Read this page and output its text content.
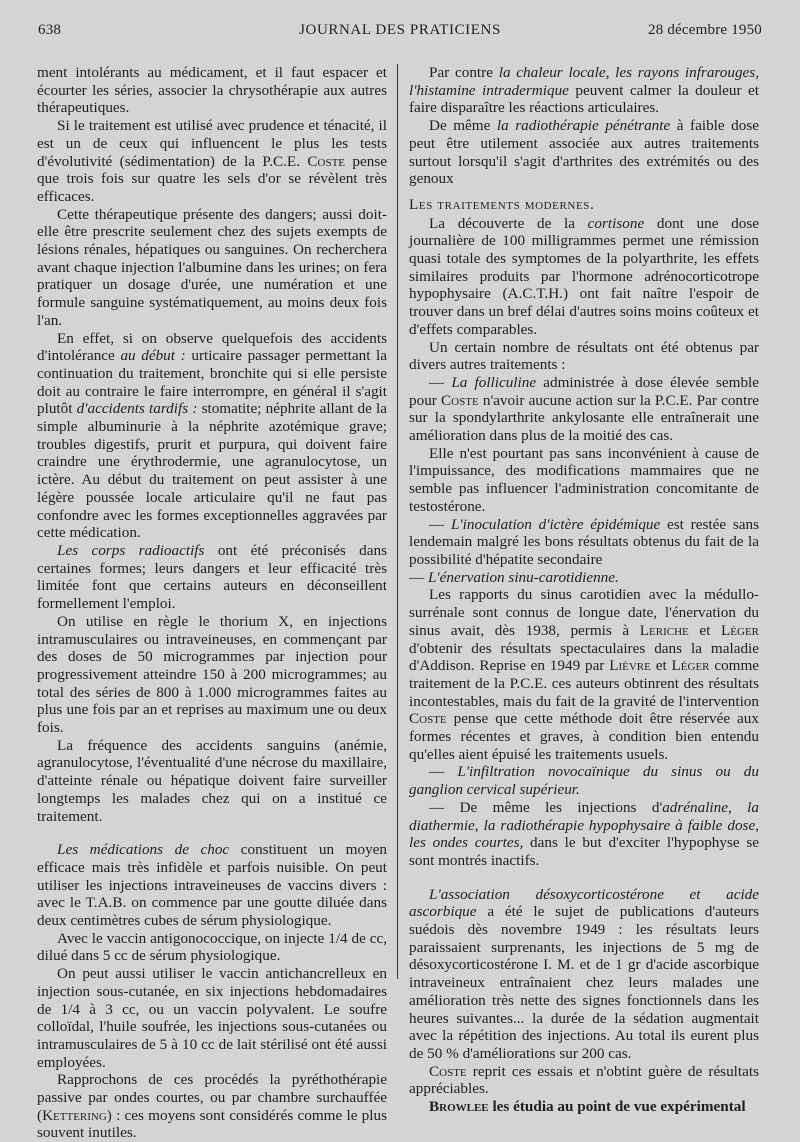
638	JOURNAL DES PRATICIENS	28 décembre 1950

ment intolérants au médicament, et il faut espacer et écourter les séries, associer la chrysothérapie aux autres thérapeutiques.

Si le traitement est utilisé avec prudence et ténacité, il est un de ceux qui influencent le plus les tests d'évolutivité (sédimentation) de la P.C.E. Coste pense que trois fois sur quatre les sels d'or se révèlent très efficaces.

Cette thérapeutique présente des dangers; aussi doit-elle être prescrite seulement chez des sujets exempts de lésions rénales, hépatiques ou sanguines. On recherchera avant chaque injection l'albumine dans les urines; on fera pratiquer un dosage d'urée, une numération et une formule sanguine systématiquement, au moins deux fois l'an.

En effet, si on observe quelquefois des accidents d'intolérance au début : urticaire passager permettant la continuation du traitement, bronchite qui si elle persiste doit au contraire le faire interrompre, en général il s'agit plutôt d'accidents tardifs : stomatite; néphrite allant de la simple albuminurie à la néphrite azotémique grave; troubles digestifs, prurit et purpura, qui doivent faire craindre une érythrodermie, une agranulocytose, un ictère. Au début du traitement on peut assister à une légère poussée locale articulaire qu'il ne faut pas confondre avec les formes exceptionnelles aggravées par cette médication.

Les corps radioactifs ont été préconisés dans certaines formes; leurs dangers et leur efficacité très limitée font que certains auteurs en déconseillent formellement l'emploi.

On utilise en règle le thorium X, en injections intramusculaires ou intraveineuses, en commençant par des doses de 50 microgrammes par injection pour progressivement atteindre 150 à 200 microgrammes; au total des séries de 800 à 1.000 microgrammes faites au plus une fois par an et reprises au maximum une ou deux fois.

La fréquence des accidents sanguins (anémie, agranulocytose, l'éventualité d'une nécrose du maxillaire, d'atteinte rénale ou hépatique doivent faire surveiller longtemps les malades chez qui on a institué ce traitement.

Les médications de choc constituent un moyen efficace mais très infidèle et parfois nuisible. On peut utiliser les injections intraveineuses de vaccins divers : avec le T.A.B. on commence par une goutte diluée dans deux centimètres cubes de sérum physiologique.

Avec le vaccin antigonococcique, on injecte 1/4 de cc, dilué dans 5 cc de sérum physiologique.

On peut aussi utiliser le vaccin antichancrelleux en injection sous-cutanée, en six injections hebdomadaires de 1/4 à 3 cc, ou un vaccin polyvalent. Le soufre colloïdal, l'huile soufrée, les injections sous-cutanées ou intramusculaires de 5 à 10 cc de lait stérilisé ont été aussi employées.

Rapprochons de ces procédés la pyréthothérapie passive par ondes courtes, ou par chambre surchauffée (Kettering) : ces moyens sont considérés comme le plus souvent inutiles.

Par contre la chaleur locale, les rayons infrarouges, l'histamine intradermique peuvent calmer la douleur et faire disparaître les réactions articulaires.

De même la radiothérapie pénétrante à faible dose peut être utilement associée aux autres traitements surtout lorsqu'il s'agit d'arthrites des extrémités ou des genoux

Les traitements modernes.

La découverte de la cortisone dont une dose journalière de 100 milligrammes permet une rémission quasi totale des symptomes de la polyarthrite, les effets similaires produits par l'hormone adrénocorticotrope hypophysaire (A.C.T.H.) ont fait naître l'espoir de trouver dans un bref délai d'autres soins moins coûteux et d'effets comparables.

Un certain nombre de résultats ont été obtenus par divers autres traitements :

— La folliculine administrée à dose élevée semble pour Coste n'avoir aucune action sur la P.C.E. Par contre sur la spondylarthrite ankylosante elle entraînerait une amélioration dans plus de la moitié des cas.

Elle n'est pourtant pas sans inconvénient à cause de l'impuissance, des modifications mammaires que ne semble pas influencer l'administration concomitante de testostérone.

— L'inoculation d'ictère épidémique est restée sans lendemain malgré les bons résultats obtenus du fait de la possibilité d'hépatite secondaire

— L'énervation sinu-carotidienne.

Les rapports du sinus carotidien avec la médullo-surrénale sont connus de longue date, l'énervation du sinus avait, dès 1938, permis à Leriche et Léger d'obtenir des résultats spectaculaires dans la maladie d'Addison. Reprise en 1949 par Lièvre et Léger comme traitement de la P.C.E. ces auteurs obtinrent des résultats incontestables, mais du fait de la gravité de l'intervention Coste pense que cette méthode doit être réservée aux formes récentes et graves, à condition bien entendu qu'elles aient épuisé les traitements usuels.

— L'infiltration novocaïnique du sinus ou du ganglion cervical supérieur.

— De même les injections d'adrénaline, la diathermie, la radiothérapie hypophysaire à faible dose, les ondes courtes, dans le but d'exciter l'hypophyse se sont montrés inactifs.

L'association désoxycorticostérone et acide ascorbique a été le sujet de publications d'auteurs suédois dès novembre 1949 : les résultats leurs paraissaient surprenants, les injections de 5 mg de désoxycorticostérone I. M. et de 1 gr d'acide ascorbique intraveineux entraînaient chez leurs malades une amélioration très nette des signes fonctionnels dans les heures suivantes... la durée de la sédation augmentait avec la répétition des injections. Au total ils eurent plus de 50 % d'améliorations sur 200 cas.

Coste reprit ces essais et n'obtint guère de résultats appréciables.

Browlee les étudia au point de vue expérimental
